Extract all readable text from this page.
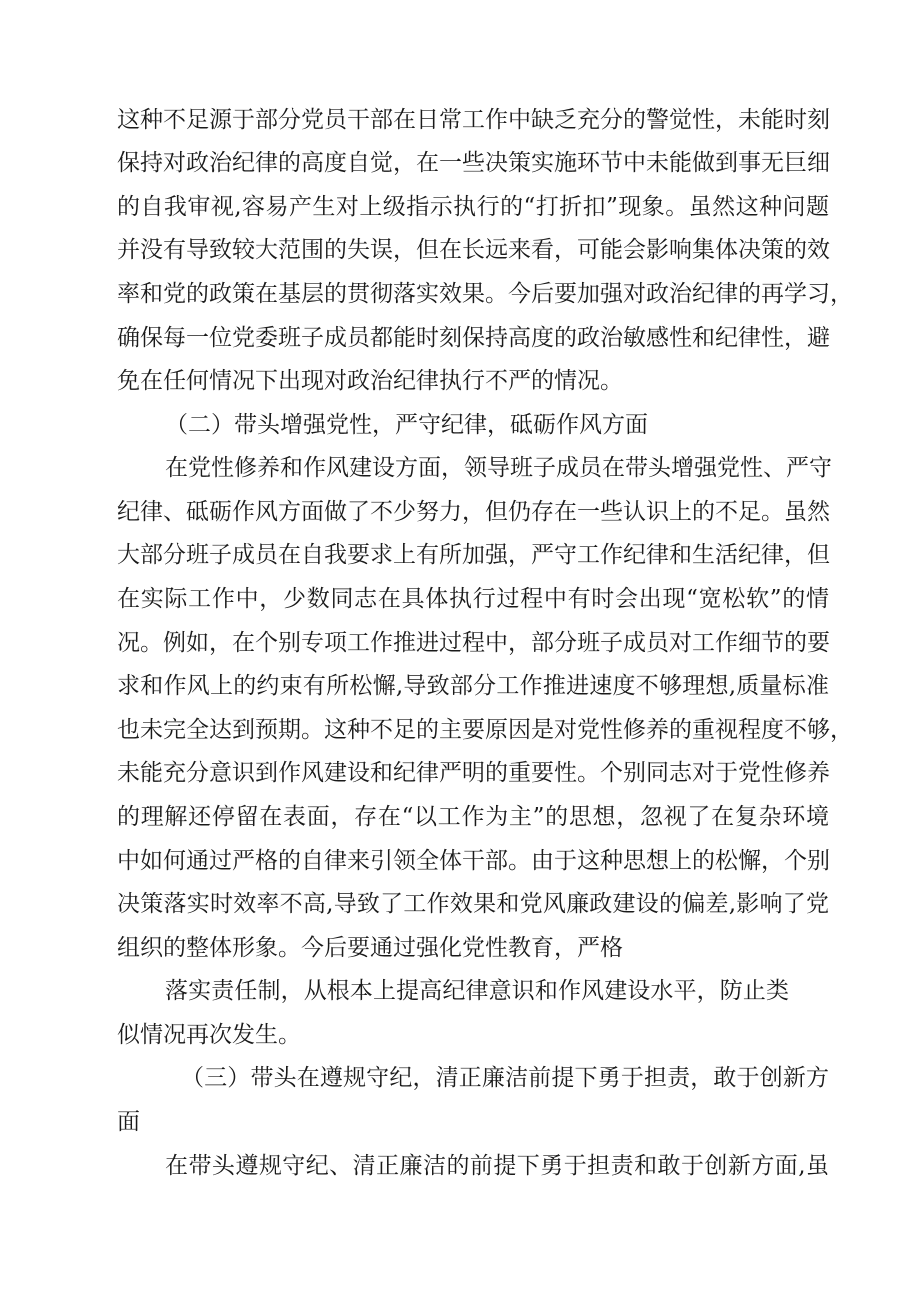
这种不足源于部分党员干部在日常工作中缺乏充分的警觉性，未能时刻
保持对政治纪律的高度自觉，在一些决策实施环节中未能做到事无巨细
的自我审视,容易产生对上级指示执行的“打折扣”现象。虽然这种问题
并没有导致较大范围的失误，但在长远来看，可能会影响集体决策的效
率和党的政策在基层的贯彻落实效果。今后要加强对政治纪律的再学习，
确保每一位党委班子成员都能时刻保持高度的政治敏感性和纪律性，避
免在任何情况下出现对政治纪律执行不严的情况。
（二）带头增强党性，严守纪律，砥砺作风方面
在党性修养和作风建设方面，领导班子成员在带头增强党性、严守
纪律、砥砺作风方面做了不少努力，但仍存在一些认识上的不足。虽然
大部分班子成员在自我要求上有所加强，严守工作纪律和生活纪律，但
在实际工作中，少数同志在具体执行过程中有时会出现“宽松软”的情
况。例如，在个别专项工作推进过程中，部分班子成员对工作细节的要
求和作风上的约束有所松懈,导致部分工作推进速度不够理想,质量标准
也未完全达到预期。这种不足的主要原因是对党性修养的重视程度不够，
未能充分意识到作风建设和纪律严明的重要性。个别同志对于党性修养
的理解还停留在表面，存在“以工作为主”的思想，忽视了在复杂环境
中如何通过严格的自律来引领全体干部。由于这种思想上的松懈，个别
决策落实时效率不高,导致了工作效果和党风廉政建设的偏差,影响了党
组织的整体形象。今后要通过强化党性教育，严格
落实责任制，从根本上提高纪律意识和作风建设水平，防止类
似情况再次发生。
（三）带头在遵规守纪，清正廉洁前提下勇于担责，敢于创新方
面
在带头遵规守纪、清正廉洁的前提下勇于担责和敢于创新方面,虽
